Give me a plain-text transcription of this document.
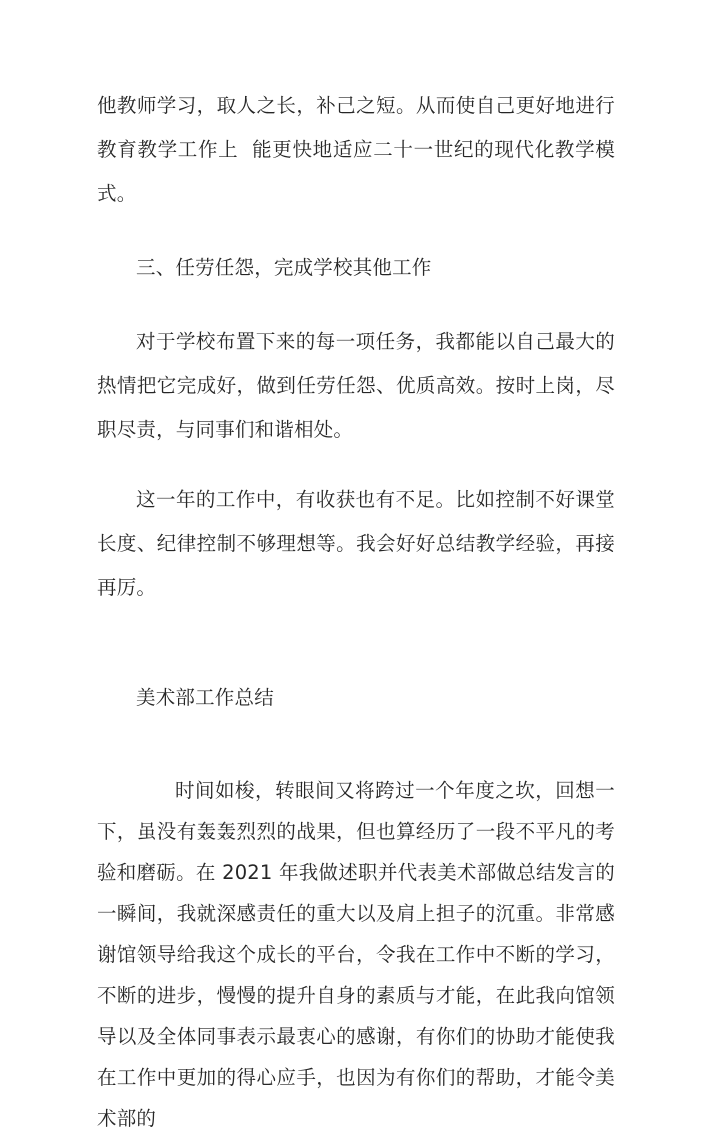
他教师学习，取人之长，补己之短。从而使自己更好地进行教育教学工作上  能更快地适应二十一世纪的现代化教学模式。

三、任劳任怨，完成学校其他工作

对于学校布置下来的每一项任务，我都能以自己最大的热情把它完成好，做到任劳任怨、优质高效。按时上岗，尽职尽责，与同事们和谐相处。

这一年的工作中，有收获也有不足。比如控制不好课堂长度、纪律控制不够理想等。我会好好总结教学经验，再接再厉。

美术部工作总结

时间如梭，转眼间又将跨过一个年度之坎，回想一下，虽没有轰轰烈烈的战果，但也算经历了一段不平凡的考验和磨砺。在 2021 年我做述职并代表美术部做总结发言的一瞬间，我就深感责任的重大以及肩上担子的沉重。非常感谢馆领导给我这个成长的平台，令我在工作中不断的学习，不断的进步，慢慢的提升自身的素质与才能，在此我向馆领导以及全体同事表示最衷心的感谢，有你们的协助才能使我在工作中更加的得心应手，也因为有你们的帮助，才能令美术部的
